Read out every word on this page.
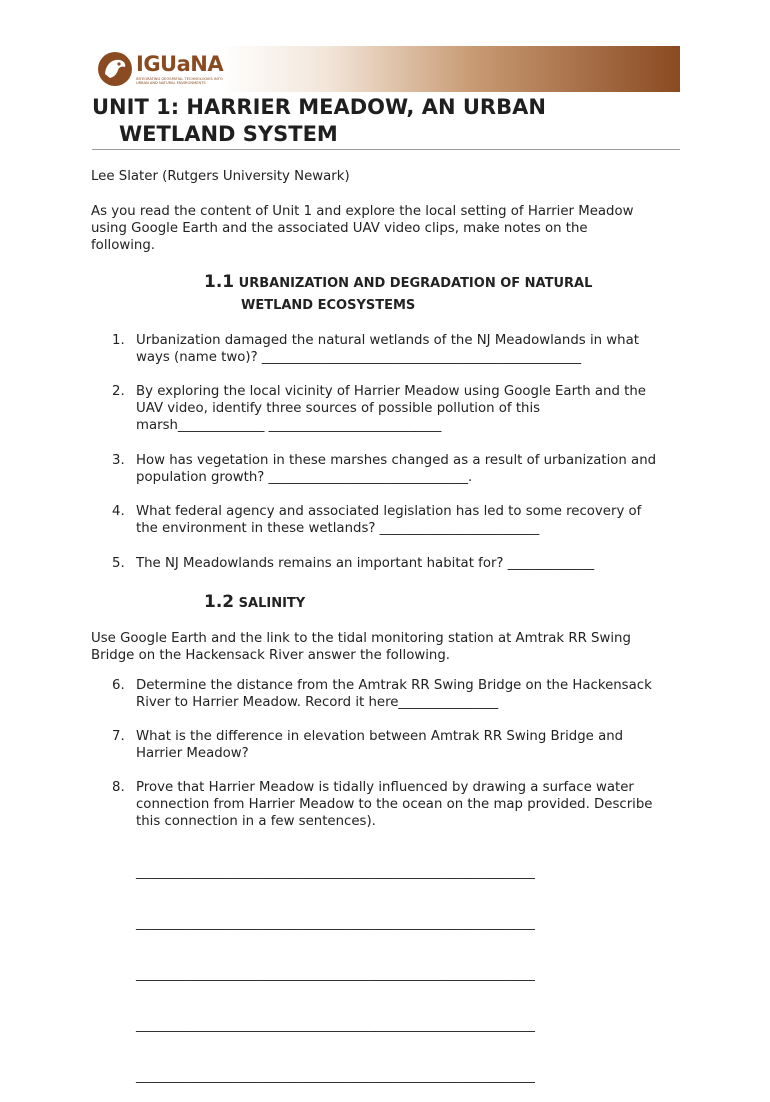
IGUaNA
INTEGRATING GEOSPATIAL TECHNOLOGIES INTO URBAN AND NATURAL ENVIRONMENTS
UNIT 1: HARRIER MEADOW, AN URBAN
WETLAND SYSTEM
Lee Slater (Rutgers University Newark)
As you read the content of Unit 1 and explore the local setting of Harrier Meadow
using Google Earth and the associated UAV video clips, make notes on the
following.
1.1 URBANIZATION AND DEGRADATION OF NATURAL
WETLAND ECOSYSTEMS
1. Urbanization damaged the natural wetlands of the NJ Meadowlands in what
ways (name two)? ________________________________________________
2. By exploring the local vicinity of Harrier Meadow using Google Earth and the
UAV video, identify three sources of possible pollution of this
marsh_____________ __________________________
3. How has vegetation in these marshes changed as a result of urbanization and
population growth? ______________________________.
4. What federal agency and associated legislation has led to some recovery of
the environment in these wetlands? ________________________
5. The NJ Meadowlands remains an important habitat for? _____________
1.2 SALINITY
Use Google Earth and the link to the tidal monitoring station at Amtrak RR Swing
Bridge on the Hackensack River answer the following.
6. Determine the distance from the Amtrak RR Swing Bridge on the Hackensack
River to Harrier Meadow. Record it here_______________
7. What is the difference in elevation between Amtrak RR Swing Bridge and
Harrier Meadow?
8. Prove that Harrier Meadow is tidally influenced by drawing a surface water
connection from Harrier Meadow to the ocean on the map provided. Describe
this connection in a few sentences).

____________________________________________________________

____________________________________________________________

____________________________________________________________

____________________________________________________________

____________________________________________________________
